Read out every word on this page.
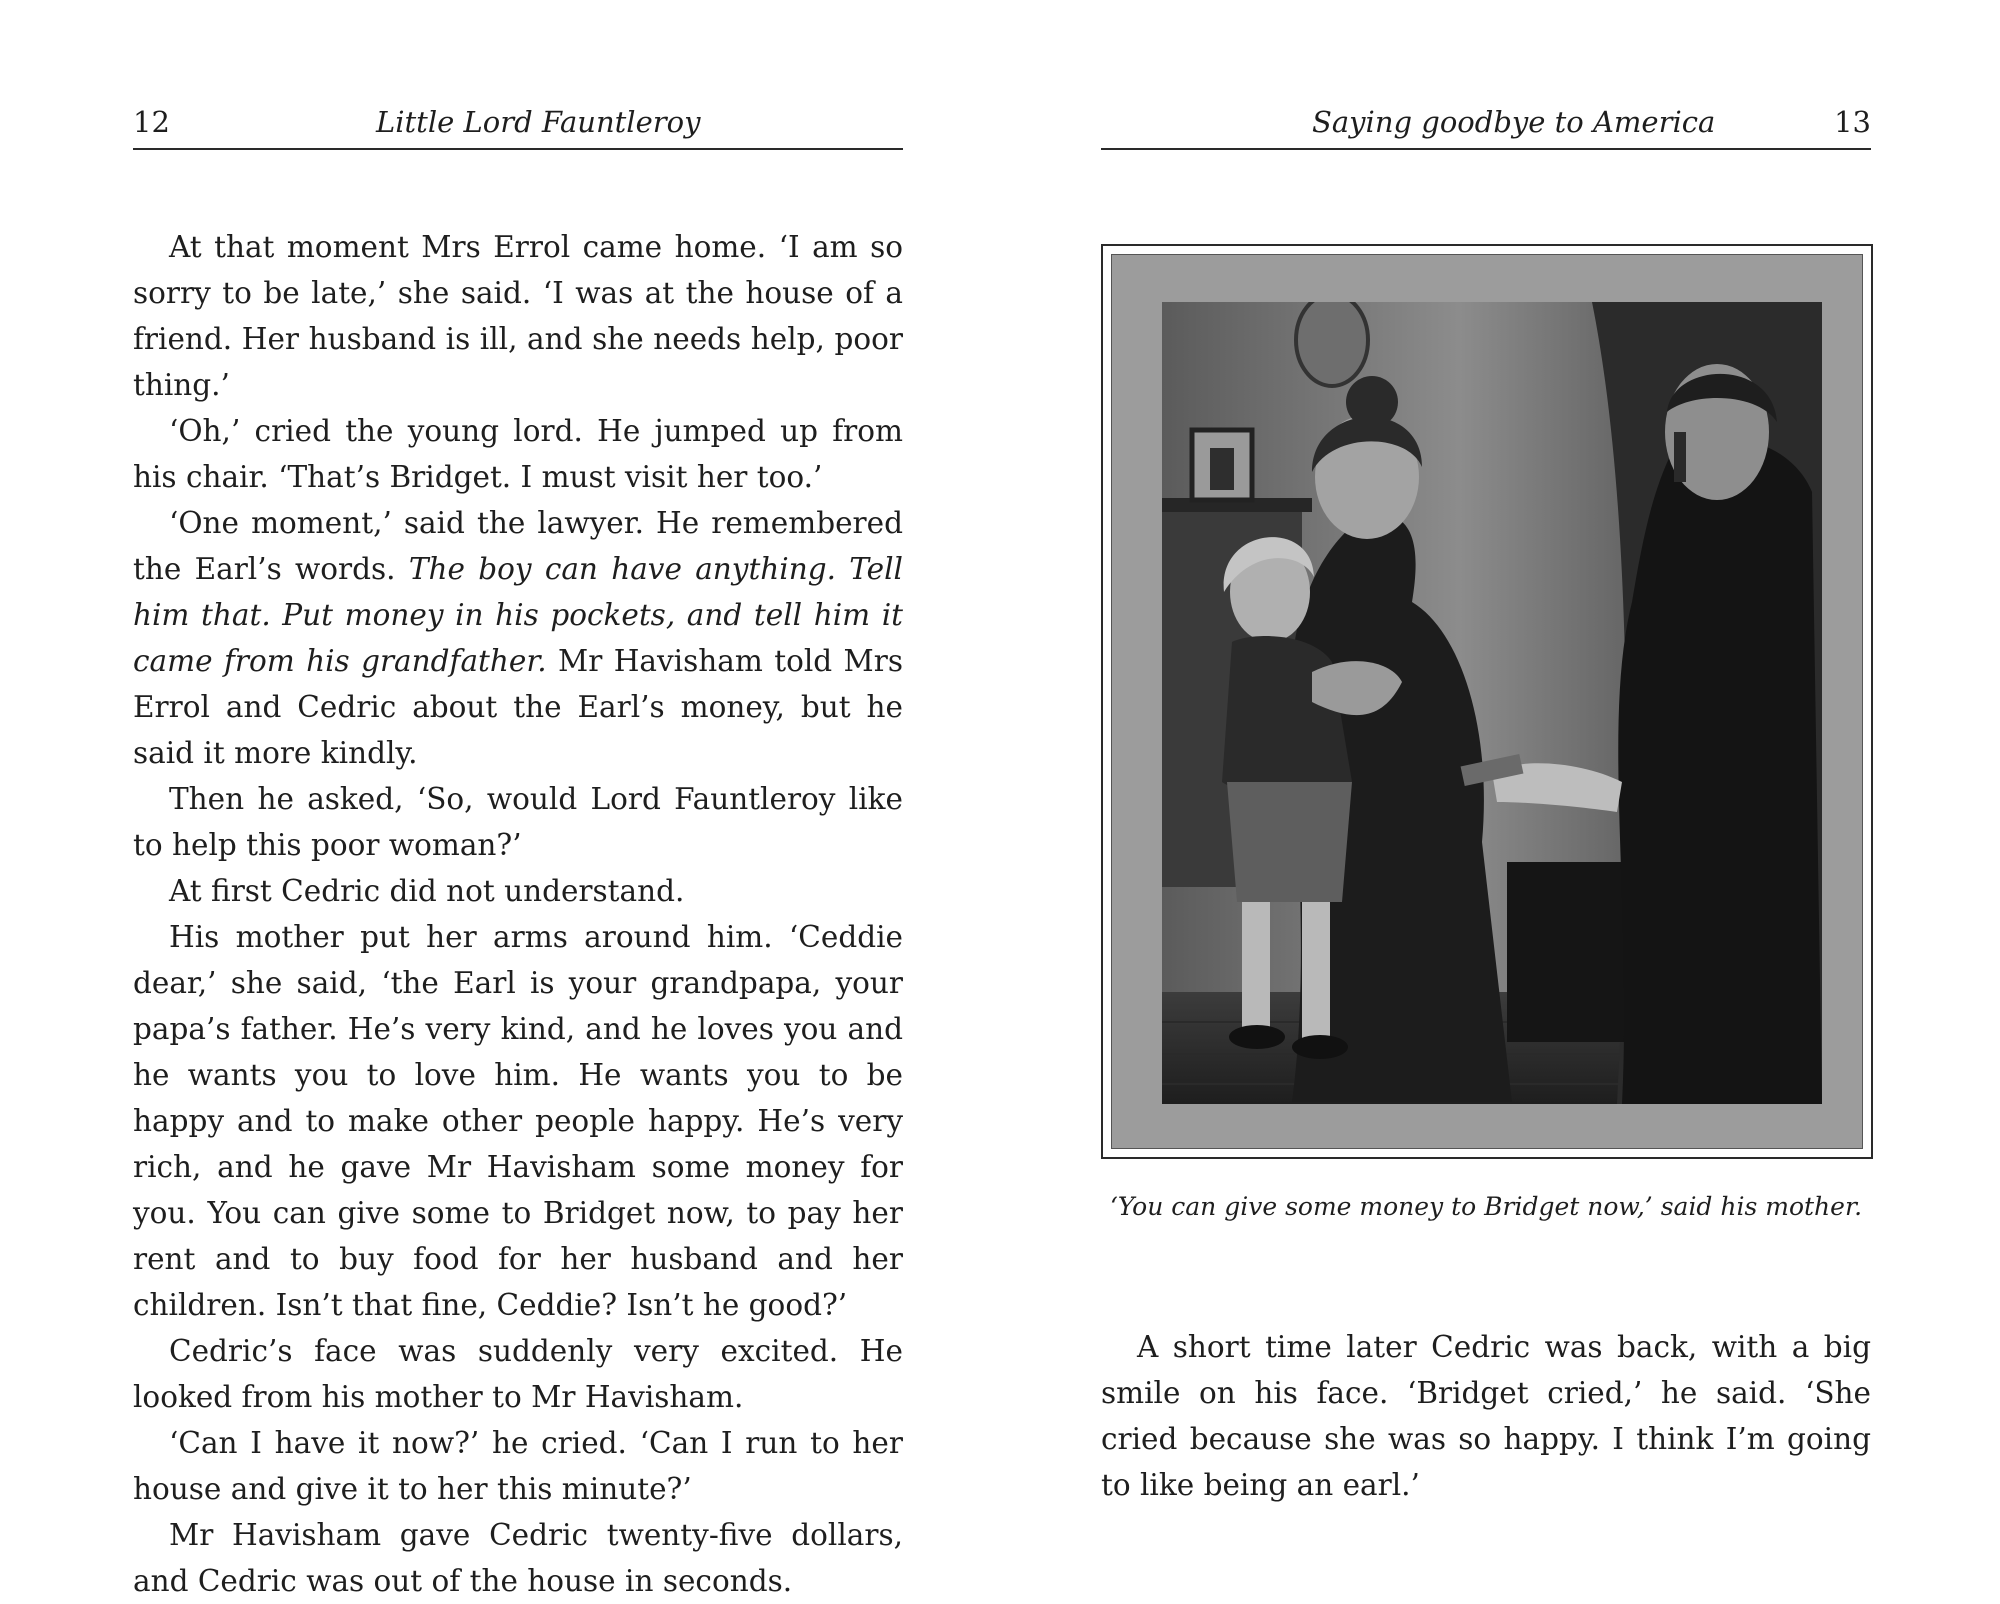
12	Little Lord Fauntleroy

At that moment Mrs Errol came home. ‘I am so sorry to be late,’ she said. ‘I was at the house of a friend. Her husband is ill, and she needs help, poor thing.’

‘Oh,’ cried the young lord. He jumped up from his chair. ‘That’s Bridget. I must visit her too.’

‘One moment,’ said the lawyer. He remembered the Earl’s words. The boy can have anything. Tell him that. Put money in his pockets, and tell him it came from his grandfather. Mr Havisham told Mrs Errol and Cedric about the Earl’s money, but he said it more kindly.

Then he asked, ‘So, would Lord Fauntleroy like to help this poor woman?’

At first Cedric did not understand.

His mother put her arms around him. ‘Ceddie dear,’ she said, ‘the Earl is your grandpapa, your papa’s father. He’s very kind, and he loves you and he wants you to love him. He wants you to be happy and to make other people happy. He’s very rich, and he gave Mr Havisham some money for you. You can give some to Bridget now, to pay her rent and to buy food for her husband and her children. Isn’t that fine, Ceddie? Isn’t he good?’

Cedric’s face was suddenly very excited. He looked from his mother to Mr Havisham.

‘Can I have it now?’ he cried. ‘Can I run to her house and give it to her this minute?’

Mr Havisham gave Cedric twenty-five dollars, and Cedric was out of the house in seconds.

Saying goodbye to America	13
‘You can give some money to Bridget now,’ said his mother.

A short time later Cedric was back, with a big smile on his face. ‘Bridget cried,’ he said. ‘She cried because she was so happy. I think I’m going to like being an earl.’
